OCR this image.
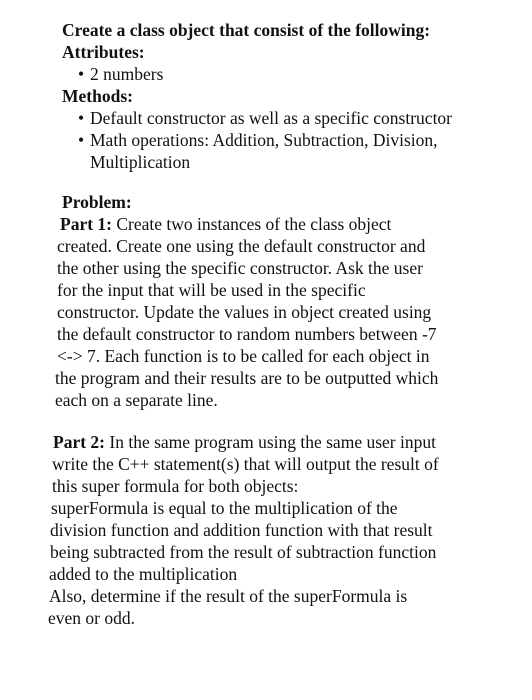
Create a class object that consist of the following:
Attributes:
• 2 numbers
Methods:
• Default constructor as well as a specific constructor
• Math operations: Addition, Subtraction, Division,
Multiplication
Problem:
Part 1: Create two instances of the class object
created. Create one using the default constructor and
the other using the specific constructor. Ask the user
for the input that will be used in the specific
constructor. Update the values in object created using
the default constructor to random numbers between -7
<-> 7. Each function is to be called for each object in
the program and their results are to be outputted which
each on a separate line.
Part 2: In the same program using the same user input
write the C++ statement(s) that will output the result of
this super formula for both objects:
superFormula is equal to the multiplication of the
division function and addition function with that result
being subtracted from the result of subtraction function
added to the multiplication
Also, determine if the result of the superFormula is
even or odd.
